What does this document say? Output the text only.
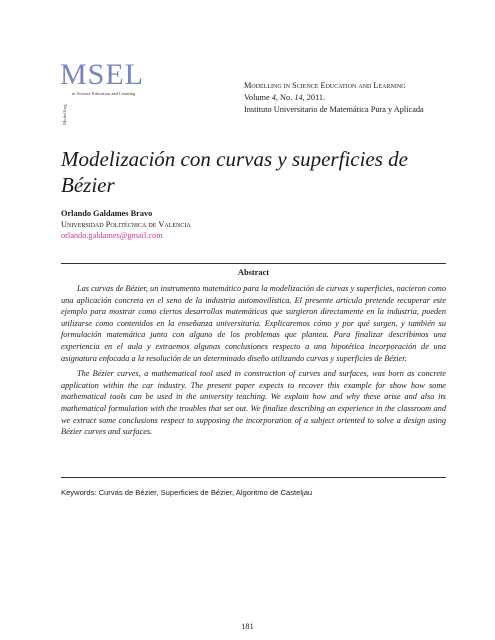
MSEL
Modelling
in Science Education and Learning
Modelling in Science Education and Learning
Volume 4, No. 14, 2011.
Instituto Universitario de Matemática Pura y Aplicada
Modelización con curvas y superficies de Bézier
Orlando Galdames Bravo
Universidad Politécnica de Valencia
orlando.galdames@gmail.com
Abstract

Las curvas de Bézier, un instrumento matemático para la modelización de curvas y superficies, nacieron como una aplicación concreta en el seno de la industria automovilística. El presente artículo pretende recuperar este ejemplo para mostrar como ciertos desarrollos matemáticos que surgieron directamente en la industria, pueden utilizarse como contenidos en la enseñanza universitaria. Explicaremos cómo y por qué surgen, y también su formulación matemática junto con alguno de los problemas que plantea. Para finalizar describimos una experiencia en el aula y extraemos algunas conclusiones respecto a una hipotética incorporación de una asignatura enfocada a la resolución de un determinado diseño utilizando curvas y superficies de Bézier.

The Bézier curves, a mathematical tool used in construction of curves and surfaces, was born as concrete application within the car industry. The present paper expects to recover this example for show how some mathematical tools can be used in the university teaching. We explain how and why these arise and also its mathematical formulation with the troubles that set out. We finalize describing an experience in the classroom and we extract some conclusions respect to supposing the incorporation of a subject oriented to solve a design using Bézier curves and surfaces.

Keywords: Curvas de Bézier, Superficies de Bézier, Algoritmo de Casteljau
181
